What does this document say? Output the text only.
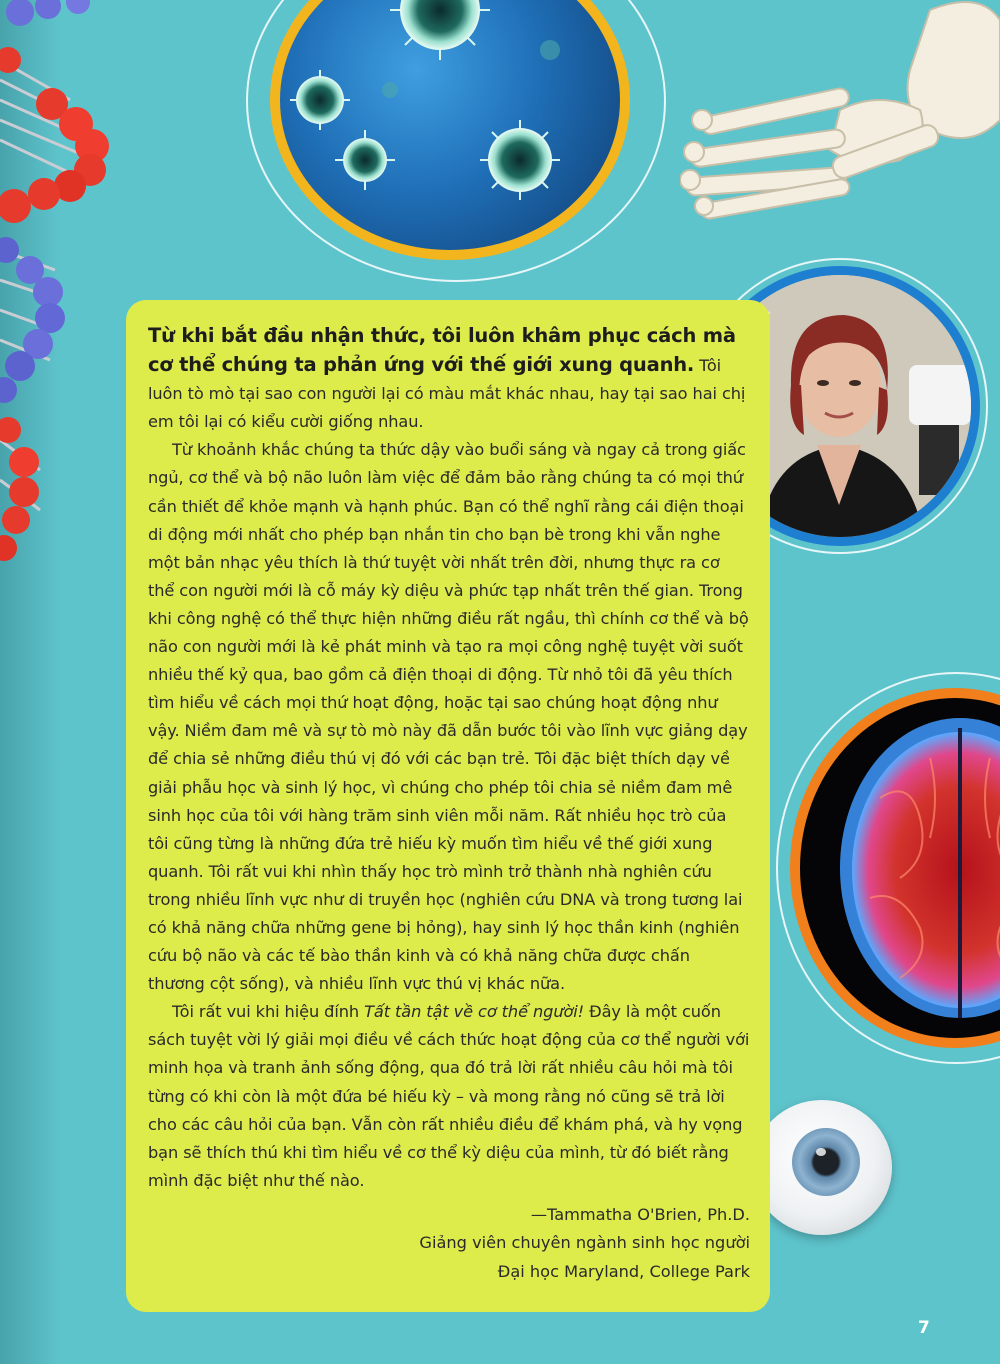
Từ khi bắt đầu nhận thức, tôi luôn khâm phục cách mà cơ thể chúng ta phản ứng với thế giới xung quanh. Tôi luôn tò mò tại sao con người lại có màu mắt khác nhau, hay tại sao hai chị em tôi lại có kiểu cười giống nhau.

Từ khoảnh khắc chúng ta thức dậy vào buổi sáng và ngay cả trong giấc ngủ, cơ thể và bộ não luôn làm việc để đảm bảo rằng chúng ta có mọi thứ cần thiết để khỏe mạnh và hạnh phúc. Bạn có thể nghĩ rằng cái điện thoại di động mới nhất cho phép bạn nhắn tin cho bạn bè trong khi vẫn nghe một bản nhạc yêu thích là thứ tuyệt vời nhất trên đời, nhưng thực ra cơ thể con người mới là cỗ máy kỳ diệu và phức tạp nhất trên thế gian. Trong khi công nghệ có thể thực hiện những điều rất ngầu, thì chính cơ thể và bộ não con người mới là kẻ phát minh và tạo ra mọi công nghệ tuyệt vời suốt nhiều thế kỷ qua, bao gồm cả điện thoại di động. Từ nhỏ tôi đã yêu thích tìm hiểu về cách mọi thứ hoạt động, hoặc tại sao chúng hoạt động như vậy. Niềm đam mê và sự tò mò này đã dẫn bước tôi vào lĩnh vực giảng dạy để chia sẻ những điều thú vị đó với các bạn trẻ. Tôi đặc biệt thích dạy về giải phẫu học và sinh lý học, vì chúng cho phép tôi chia sẻ niềm đam mê sinh học của tôi với hàng trăm sinh viên mỗi năm. Rất nhiều học trò của tôi cũng từng là những đứa trẻ hiếu kỳ muốn tìm hiểu về thế giới xung quanh. Tôi rất vui khi nhìn thấy học trò mình trở thành nhà nghiên cứu trong nhiều lĩnh vực như di truyền học (nghiên cứu DNA và trong tương lai có khả năng chữa những gene bị hỏng), hay sinh lý học thần kinh (nghiên cứu bộ não và các tế bào thần kinh và có khả năng chữa được chấn thương cột sống), và nhiều lĩnh vực thú vị khác nữa.

Tôi rất vui khi hiệu đính Tất tần tật về cơ thể người! Đây là một cuốn sách tuyệt vời lý giải mọi điều về cách thức hoạt động của cơ thể người với minh họa và tranh ảnh sống động, qua đó trả lời rất nhiều câu hỏi mà tôi từng có khi còn là một đứa bé hiếu kỳ – và mong rằng nó cũng sẽ trả lời cho các câu hỏi của bạn. Vẫn còn rất nhiều điều để khám phá, và hy vọng bạn sẽ thích thú khi tìm hiểu về cơ thể kỳ diệu của mình, từ đó biết rằng mình đặc biệt như thế nào.

—Tammatha O'Brien, Ph.D.
Giảng viên chuyên ngành sinh học người
Đại học Maryland, College Park
7
